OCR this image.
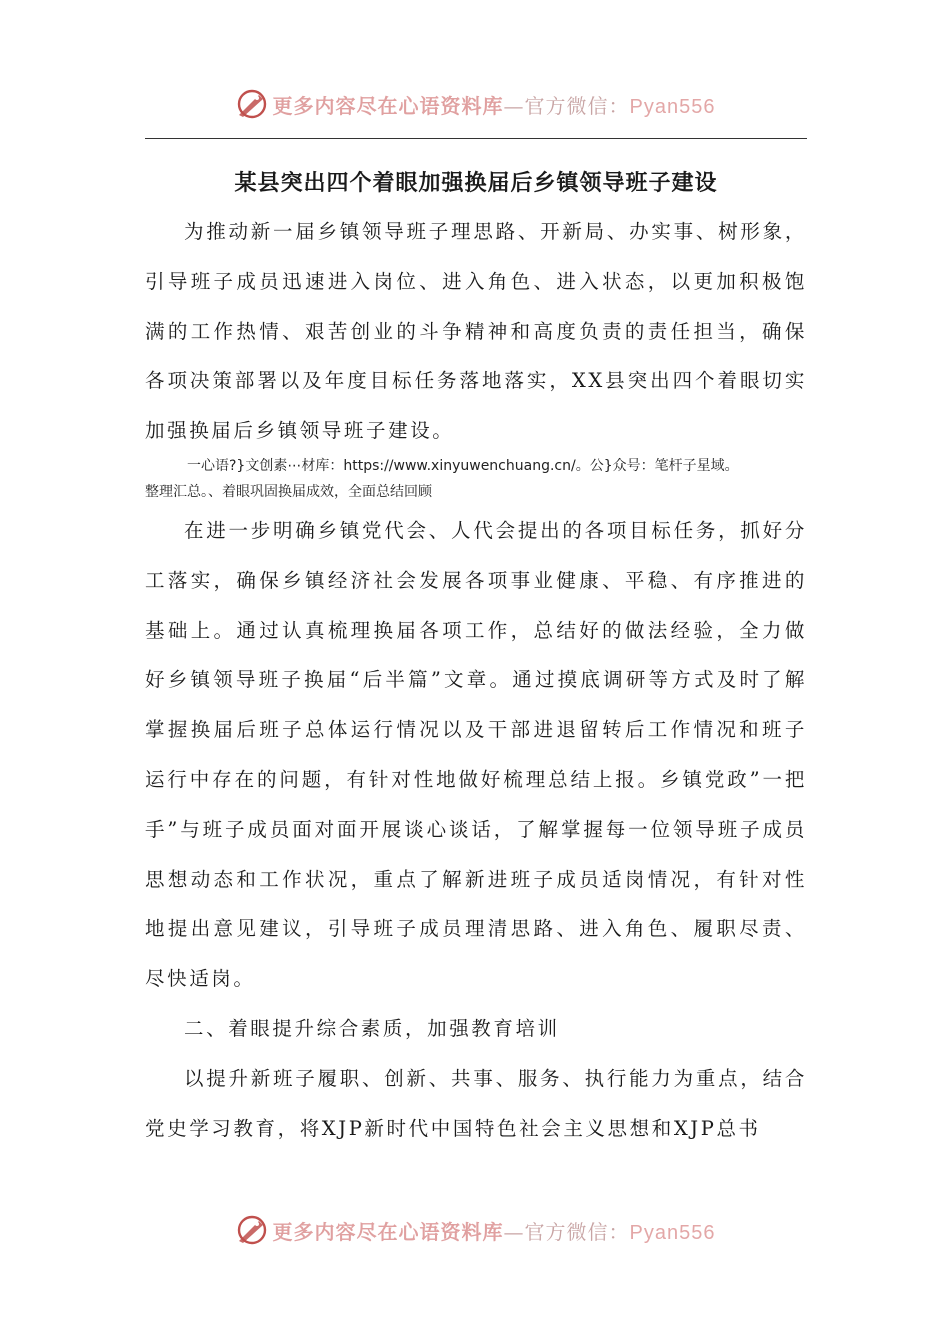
更多内容尽在心语资料库—官方微信：Pyan556
某县突出四个着眼加强换届后乡镇领导班子建设

为推动新一届乡镇领导班子理思路、开新局、办实事、树形象，引导班子成员迅速进入岗位、进入角色、进入状态，以更加积极饱满的工作热情、艰苦创业的斗争精神和高度负责的责任担当，确保各项决策部署以及年度目标任务落地落实，XX县突出四个着眼切实加强换届后乡镇领导班子建设。

一心语?}文创素⋯材库：https://www.xinyuwenchuang.cn/。公}众号：笔杆子星域。
整理汇总。、着眼巩固换届成效，全面总结回顾

在进一步明确乡镇党代会、人代会提出的各项目标任务，抓好分工落实，确保乡镇经济社会发展各项事业健康、平稳、有序推进的基础上。通过认真梳理换届各项工作，总结好的做法经验，全力做好乡镇领导班子换届“后半篇”文章。通过摸底调研等方式及时了解掌握换届后班子总体运行情况以及干部进退留转后工作情况和班子运行中存在的问题，有针对性地做好梳理总结上报。乡镇党政”一把手”与班子成员面对面开展谈心谈话，了解掌握每一位领导班子成员思想动态和工作状况，重点了解新进班子成员适岗情况，有针对性地提出意见建议，引导班子成员理清思路、进入角色、履职尽责、尽快适岗。

二、着眼提升综合素质，加强教育培训

以提升新班子履职、创新、共事、服务、执行能力为重点，结合党史学习教育，将XJP新时代中国特色社会主义思想和XJP总书

更多内容尽在心语资料库—官方微信：Pyan556
